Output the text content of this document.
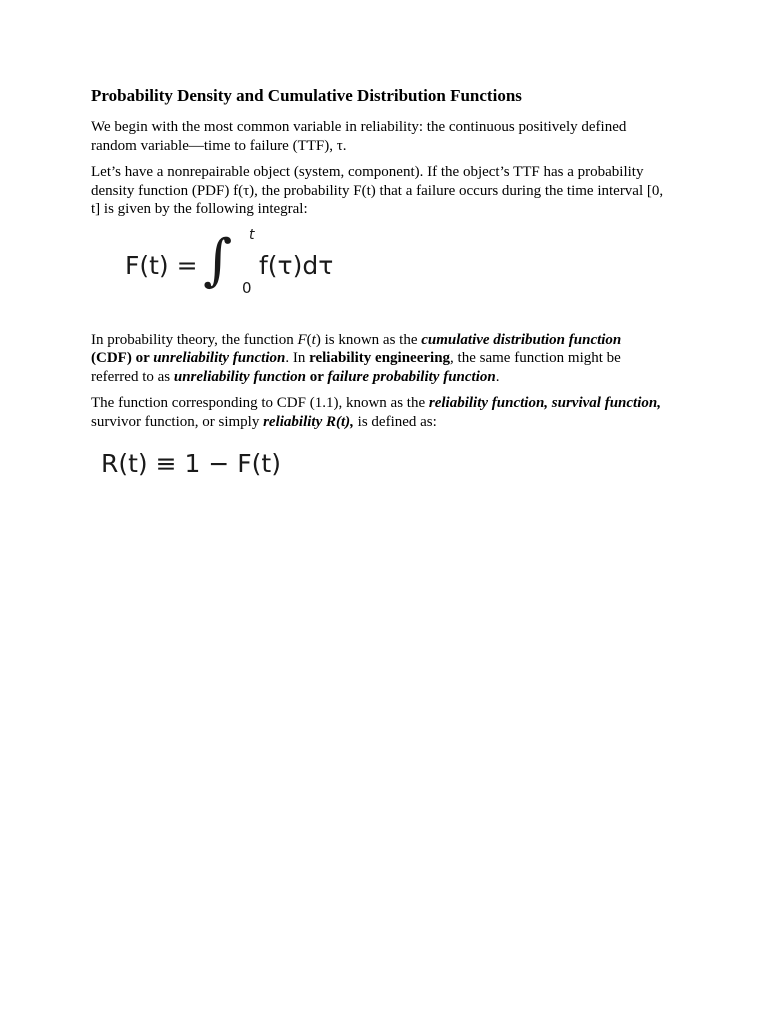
Probability Density and Cumulative Distribution Functions

We begin with the most common variable in reliability: the continuous positively defined random variable—time to failure (TTF), τ.

Let’s have a nonrepairable object (system, component). If the object’s TTF has a probability density function (PDF) f(τ), the probability F(t) that a failure occurs during the time interval [0, t] is given by the following integral:

F(t) = ∫ t
0
f(τ)dτ

In probability theory, the function F(t) is known as the cumulative distribution function
(CDF) or unreliability function. In reliability engineering, the same function might be referred to as unreliability function or failure probability function.

The function corresponding to CDF (1.1), known as the reliability function, survival function, survivor function, or simply reliability R(t), is defined as:

R(t) ≡ 1 − F(t)
